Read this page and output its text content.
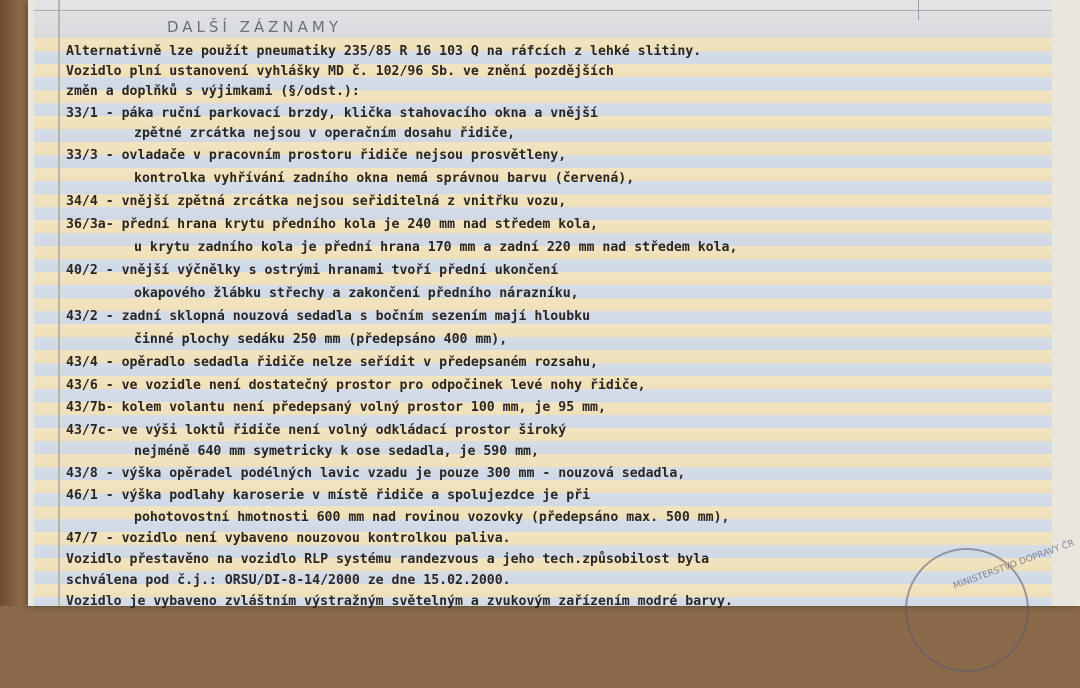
DALŠÍ ZÁZNAMY
Alternativně lze použít pneumatiky 235/85 R 16 103 Q na ráfcích z lehké slitiny.
Vozidlo plní ustanovení vyhlášky MD č. 102/96 Sb. ve znění pozdějších
změn a doplňků s výjimkami (§/odst.):
33/1 - páka ruční parkovací brzdy, klička stahovacího okna a vnější
zpětné zrcátka nejsou v operačním dosahu řidiče,
33/3 - ovladače v pracovním prostoru řidiče nejsou prosvětleny,
kontrolka vyhřívání zadního okna nemá správnou barvu (červená),
34/4 - vnější zpětná zrcátka nejsou seřiditelná z vnitřku vozu,
36/3a- přední hrana krytu předního kola je 240 mm nad středem kola,
u krytu zadního kola je přední hrana 170 mm a zadní 220 mm nad středem kola,
40/2 - vnější výčnělky s ostrými hranami tvoří přední ukončení
okapového žlábku střechy a zakončení předního nárazníku,
43/2 - zadní sklopná nouzová sedadla s bočním sezením mají hloubku
činné plochy sedáku 250 mm (předepsáno 400 mm),
43/4 - opěradlo sedadla řidiče nelze seřídit v předepsaném rozsahu,
43/6 - ve vozidle není dostatečný prostor pro odpočinek levé nohy řidiče,
43/7b- kolem volantu není předepsaný volný prostor 100 mm, je 95 mm,
43/7c- ve výši loktů řidiče není volný odkládací prostor široký
nejméně 640 mm symetricky k ose sedadla, je 590 mm,
43/8 - výška opěradel podélných lavic vzadu je pouze 300 mm - nouzová sedadla,
46/1 - výška podlahy karoserie v místě řidiče a spolujezdce je při
pohotovostní hmotnosti 600 mm nad rovinou vozovky (předepsáno max. 500 mm),
47/7 - vozidlo není vybaveno nouzovou kontrolkou paliva.
Vozidlo přestavěno na vozidlo RLP systému randezvous a jeho tech.způsobilost byla
schválena pod č.j.: ORSU/DI-8-14/2000 ze dne 15.02.2000.
Vozidlo je vybaveno zvláštním výstražným světelným a zvukovým zařízením modré barvy.
MINISTERSTVO DOPRAVY ČR
